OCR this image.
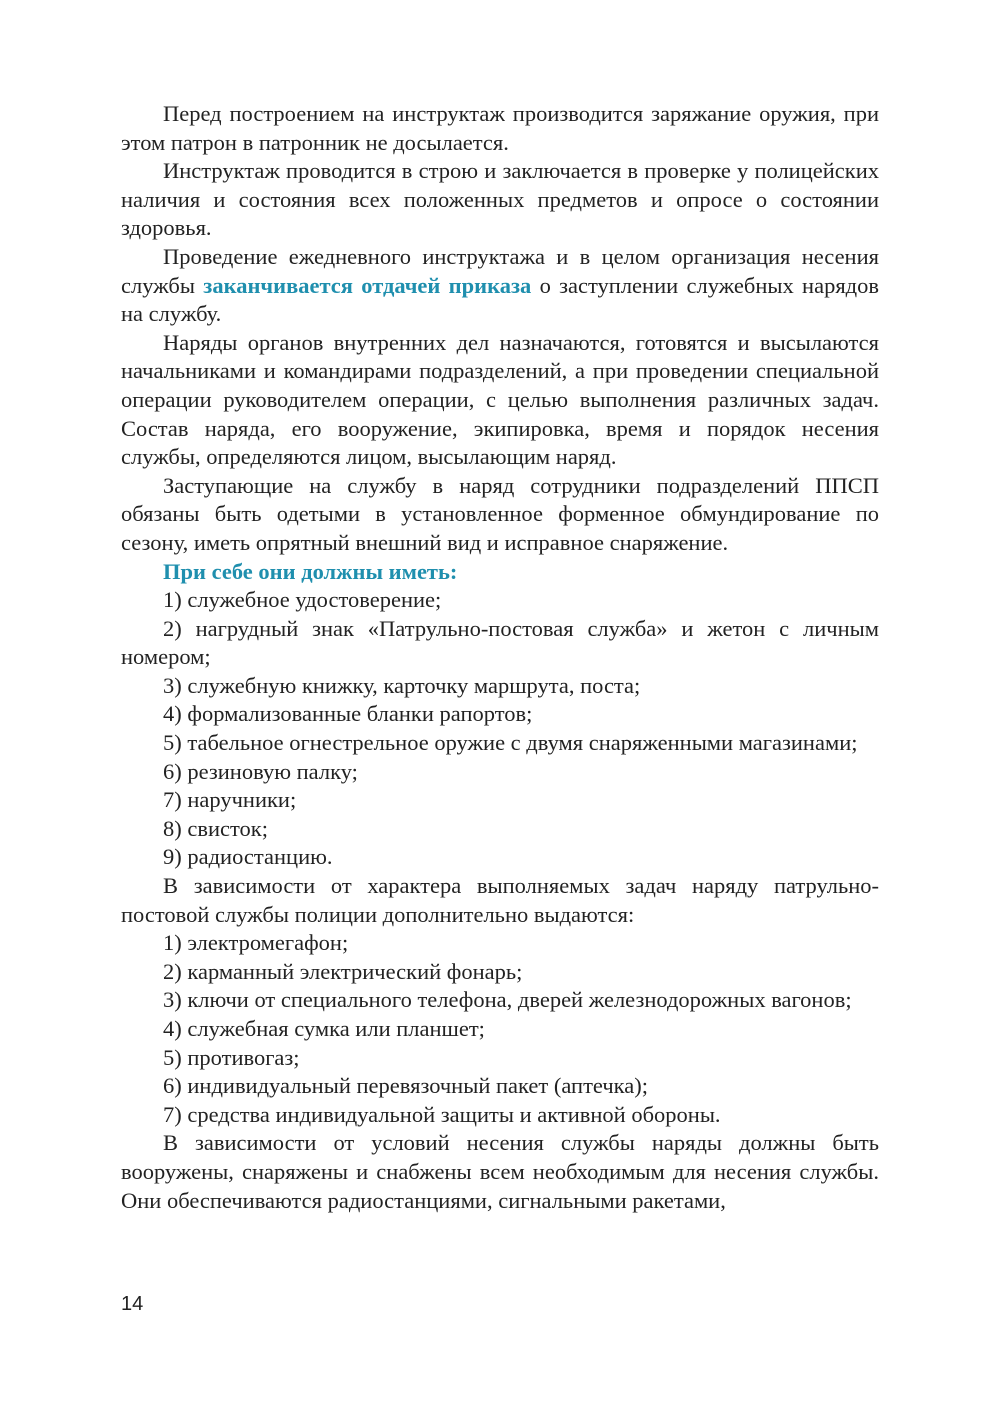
Перед построением на инструктаж производится заряжание оружия, при этом патрон в патронник не досылается.

Инструктаж проводится в строю и заключается в проверке у полицейских наличия и состояния всех положенных предметов и опросе о состоянии здоровья.

Проведение ежедневного инструктажа и в целом организация несения службы заканчивается отдачей приказа о заступлении служебных нарядов на службу.

Наряды органов внутренних дел назначаются, готовятся и высылаются начальниками и командирами подразделений, а при проведении специальной операции руководителем операции, с целью выполнения различных задач. Состав наряда, его вооружение, экипировка, время и порядок несения службы, определяются лицом, высылающим наряд.

Заступающие на службу в наряд сотрудники подразделений ППСП обязаны быть одетыми в установленное форменное обмундирование по сезону, иметь опрятный внешний вид и исправное снаряжение.

При себе они должны иметь:

1) служебное удостоверение;

2) нагрудный знак «Патрульно-постовая служба» и жетон с личным номером;

3) служебную книжку, карточку маршрута, поста;

4) формализованные бланки рапортов;

5) табельное огнестрельное оружие с двумя снаряженными магазинами;

6) резиновую палку;

7) наручники;

8) свисток;

9) радиостанцию.

В зависимости от характера выполняемых задач наряду патрульно-постовой службы полиции дополнительно выдаются:

1) электромегафон;

2) карманный электрический фонарь;

3) ключи от специального телефона, дверей железнодорожных вагонов;

4) служебная сумка или планшет;

5) противогаз;

6) индивидуальный перевязочный пакет (аптечка);

7) средства индивидуальной защиты и активной обороны.

В зависимости от условий несения службы наряды должны быть вооружены, снаряжены и снабжены всем необходимым для несения службы. Они обеспечиваются радиостанциями, сигнальными ракетами,

14
